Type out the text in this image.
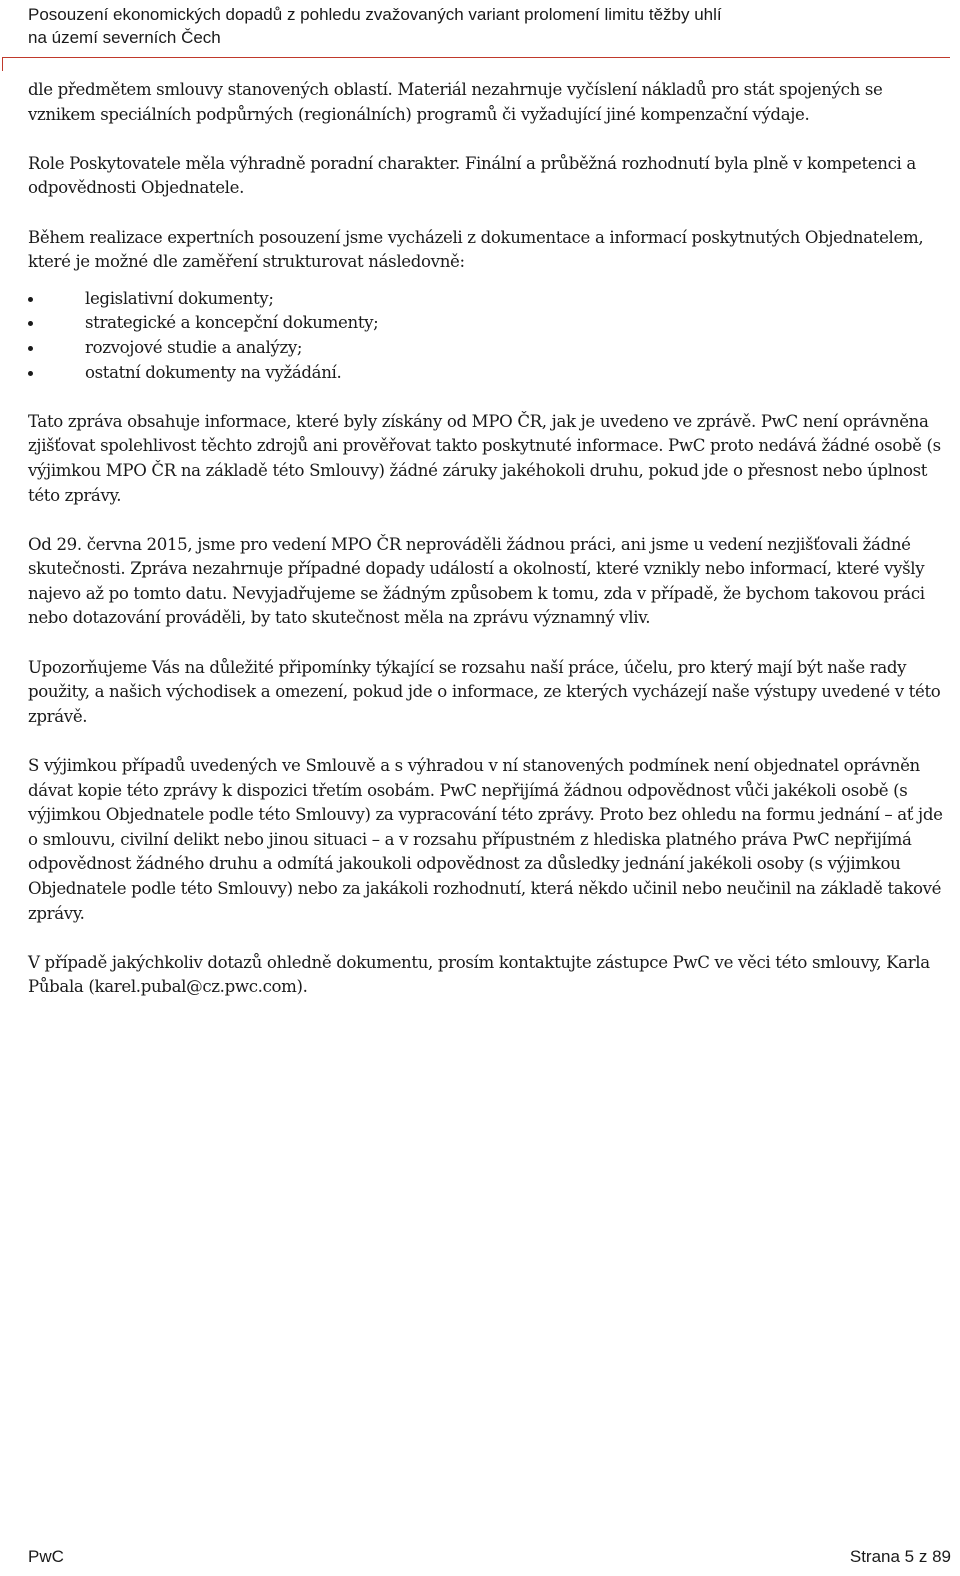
Posouzení ekonomických dopadů z pohledu zvažovaných variant prolomení limitu těžby uhlí
na území severních Čech

dle předmětem smlouvy stanovených oblastí. Materiál nezahrnuje vyčíslení nákladů pro stát spojených se vznikem speciálních podpůrných (regionálních) programů či vyžadující jiné kompenzační výdaje.

Role Poskytovatele měla výhradně poradní charakter. Finální a průběžná rozhodnutí byla plně v kompetenci a odpovědnosti Objednatele.

Během realizace expertních posouzení jsme vycházeli z dokumentace a informací poskytnutých Objednatelem, které je možné dle zaměření strukturovat následovně:

legislativní dokumenty;
strategické a koncepční dokumenty;
rozvojové studie a analýzy;
ostatní dokumenty na vyžádání.

Tato zpráva obsahuje informace, které byly získány od MPO ČR, jak je uvedeno ve zprávě. PwC není oprávněna zjišťovat spolehlivost těchto zdrojů ani prověřovat takto poskytnuté informace. PwC proto nedává žádné osobě (s výjimkou MPO ČR na základě této Smlouvy) žádné záruky jakéhokoli druhu, pokud jde o přesnost nebo úplnost této zprávy.

Od 29. června 2015, jsme pro vedení MPO ČR neprováděli žádnou práci, ani jsme u vedení nezjišťovali žádné skutečnosti. Zpráva nezahrnuje případné dopady událostí a okolností, které vznikly nebo informací, které vyšly najevo až po tomto datu. Nevyjadřujeme se žádným způsobem k tomu, zda v případě, že bychom takovou práci nebo dotazování prováděli, by tato skutečnost měla na zprávu významný vliv.

Upozorňujeme Vás na důležité připomínky týkající se rozsahu naší práce, účelu, pro který mají být naše rady použity, a našich východisek a omezení, pokud jde o informace, ze kterých vycházejí naše výstupy uvedené v této zprávě.

S výjimkou případů uvedených ve Smlouvě a s výhradou v ní stanovených podmínek není objednatel oprávněn dávat kopie této zprávy k dispozici třetím osobám. PwC nepřijímá žádnou odpovědnost vůči jakékoli osobě (s výjimkou Objednatele podle této Smlouvy) za vypracování této zprávy. Proto bez ohledu na formu jednání – ať jde o smlouvu, civilní delikt nebo jinou situaci – a v rozsahu přípustném z hlediska platného práva PwC nepřijímá odpovědnost žádného druhu a odmítá jakoukoli odpovědnost za důsledky jednání jakékoli osoby (s výjimkou Objednatele podle této Smlouvy) nebo za jakákoli rozhodnutí, která někdo učinil nebo neučinil na základě takové zprávy.

V případě jakýchkoliv dotazů ohledně dokumentu, prosím kontaktujte zástupce PwC ve věci této smlouvy, Karla Půbala (karel.pubal@cz.pwc.com).

PwC	Strana 5 z 89
